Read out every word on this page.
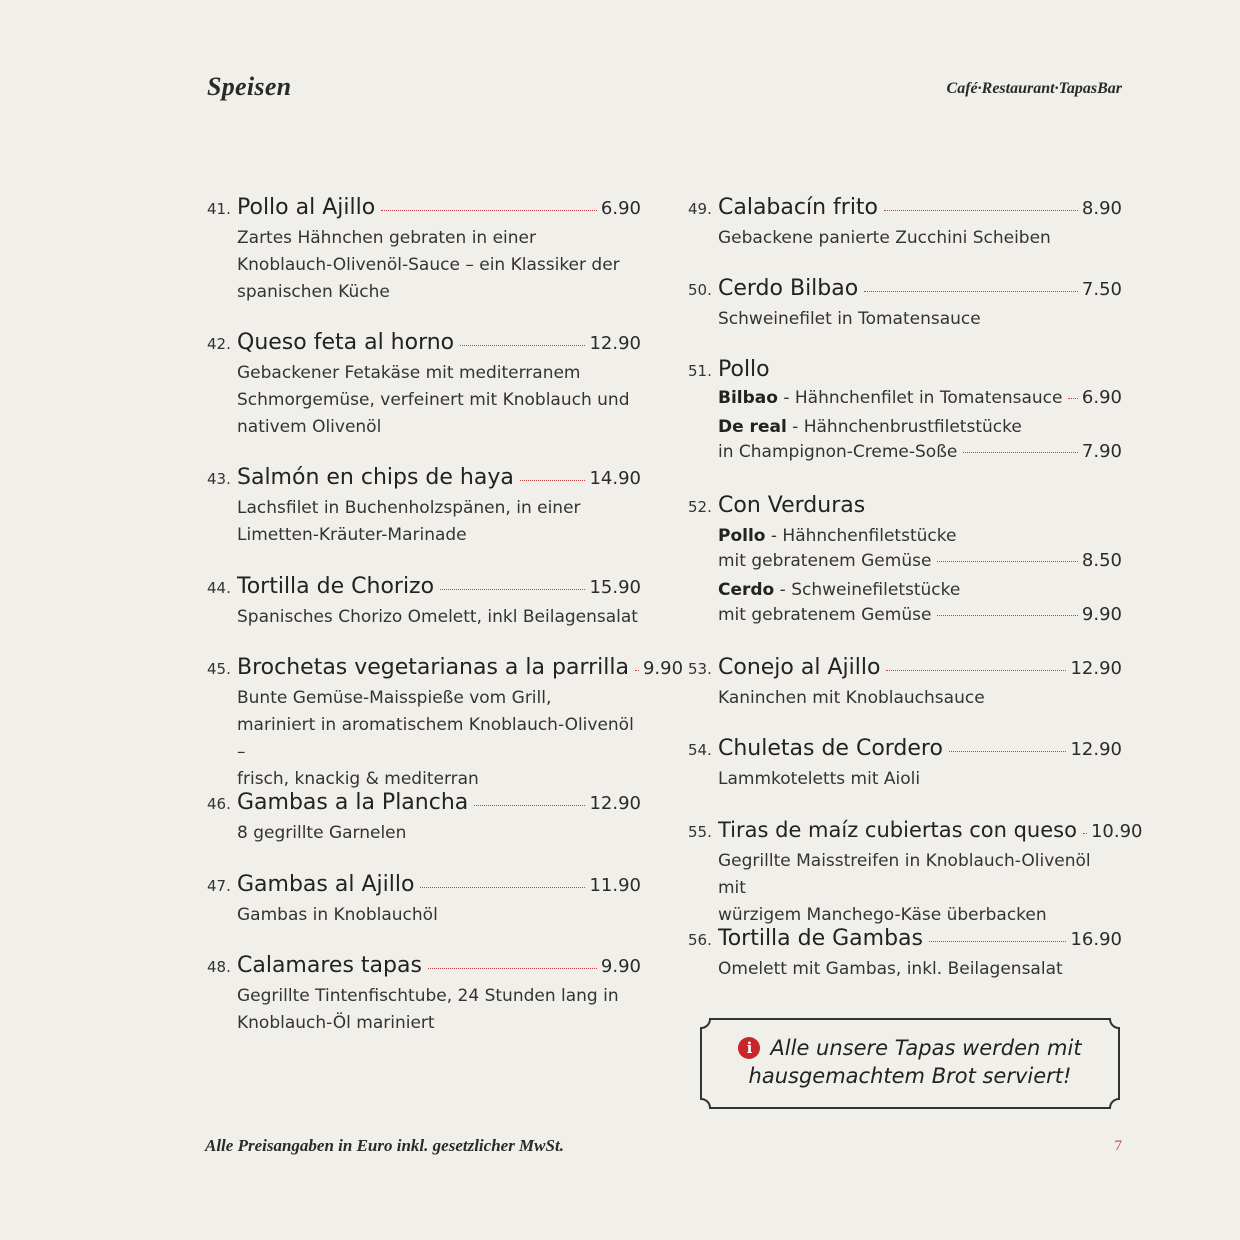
Speisen	Café·Restaurant·TapasBar
41. Pollo al Ajillo	6.90
Zartes Hähnchen gebraten in einer
Knoblauch-Olivenöl-Sauce – ein Klassiker der
spanischen Küche
42. Queso feta al horno	12.90
Gebackener Fetakäse mit mediterranem
Schmorgemüse, verfeinert mit Knoblauch und
nativem Olivenöl
43. Salmón en chips de haya	14.90
Lachsfilet in Buchenholzspänen, in einer
Limetten-Kräuter-Marinade
44. Tortilla de Chorizo	15.90
Spanisches Chorizo Omelett, inkl Beilagensalat
45. Brochetas vegetarianas a la parrilla 9.90
Bunte Gemüse-Maisspieße vom Grill,
mariniert in aromatischem Knoblauch-Olivenöl –
frisch, knackig & mediterran
46. Gambas a la Plancha	12.90
8 gegrillte Garnelen
47. Gambas al Ajillo	11.90
Gambas in Knoblauchöl
48. Calamares tapas	9.90
Gegrillte Tintenfischtube, 24 Stunden lang in
Knoblauch-Öl mariniert
49. Calabacín frito	8.90
Gebackene panierte Zucchini Scheiben
50. Cerdo Bilbao	7.50
Schweinefilet in Tomatensauce
51. Pollo
Bilbao - Hähnchenfilet in Tomatensauce 6.90
De real - Hähnchenbrustfiletstücke
in Champignon-Creme-Soße	7.90
52. Con Verduras
Pollo - Hähnchenfiletstücke
mit gebratenem Gemüse	8.50
Cerdo - Schweinefiletstücke
mit gebratenem Gemüse	9.90
53. Conejo al Ajillo	12.90
Kaninchen mit Knoblauchsauce
54. Chuletas de Cordero	12.90
Lammkoteletts mit Aioli
55. Tiras de maíz cubiertas con queso 10.90
Gegrillte Maisstreifen in Knoblauch-Olivenöl mit
würzigem Manchego-Käse überbacken
56. Tortilla de Gambas	16.90
Omelett mit Gambas, inkl. Beilagensalat
i Alle unsere Tapas werden mit
hausgemachtem Brot serviert!
Alle Preisangaben in Euro inkl. gesetzlicher MwSt.	7
